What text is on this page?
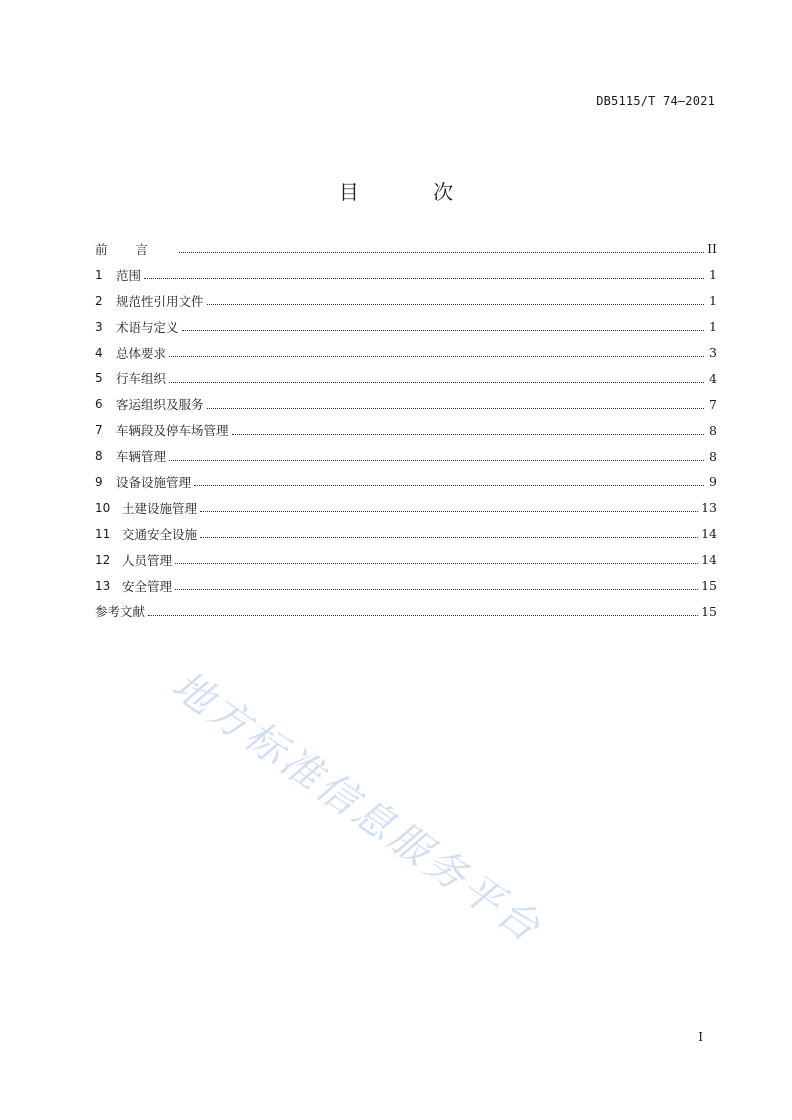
DB5115/T 74—2021
目 次
前言	II
1	范围	1
2	规范性引用文件	1
3	术语与定义	1
4	总体要求	3
5	行车组织	4
6	客运组织及服务	7
7	车辆段及停车场管理	8
8	车辆管理	8
9	设备设施管理	9
10 土建设施管理	13
11 交通安全设施	14
12 人员管理	14
13 安全管理	15
参考文献	15
地方标准信息服务平台
I
